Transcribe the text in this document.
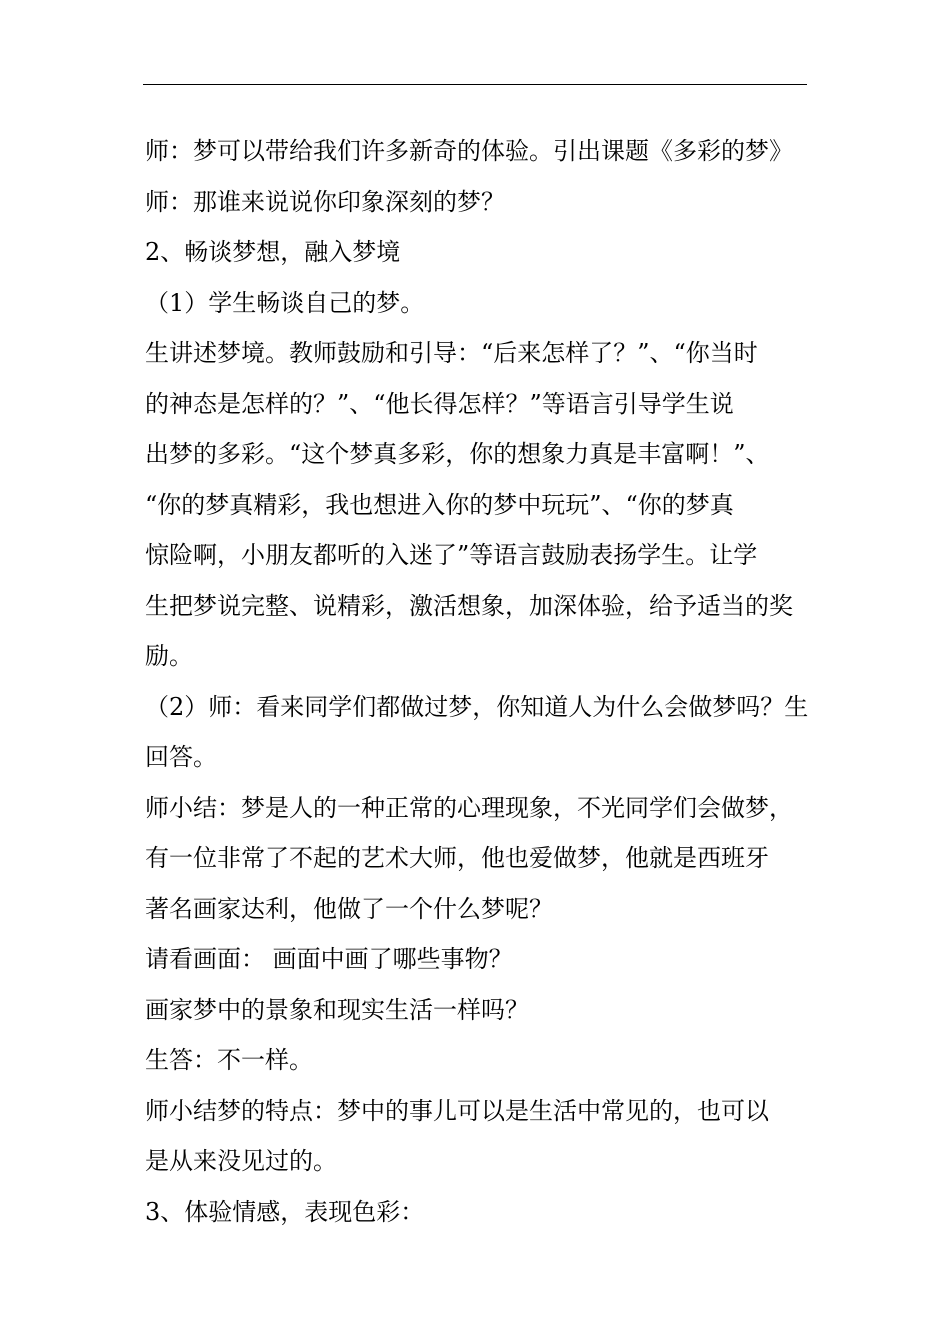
师：梦可以带给我们许多新奇的体验。引出课题《多彩的梦》
师：那谁来说说你印象深刻的梦？
2、畅谈梦想，融入梦境
（1）学生畅谈自己的梦。
生讲述梦境。教师鼓励和引导：“后来怎样了？”、“你当时
的神态是怎样的？”、“他长得怎样？”等语言引导学生说
出梦的多彩。“这个梦真多彩，你的想象力真是丰富啊！”、
“你的梦真精彩，我也想进入你的梦中玩玩”、“你的梦真
惊险啊，小朋友都听的入迷了”等语言鼓励表扬学生。让学
生把梦说完整、说精彩，激活想象，加深体验，给予适当的奖
励。
（2）师：看来同学们都做过梦，你知道人为什么会做梦吗？生
回答。
师小结：梦是人的一种正常的心理现象，不光同学们会做梦，
有一位非常了不起的艺术大师，他也爱做梦，他就是西班牙
著名画家达利，他做了一个什么梦呢？
请看画面： 画面中画了哪些事物？
画家梦中的景象和现实生活一样吗？
生答：不一样。
师小结梦的特点：梦中的事儿可以是生活中常见的，也可以
是从来没见过的。
3、体验情感，表现色彩：
